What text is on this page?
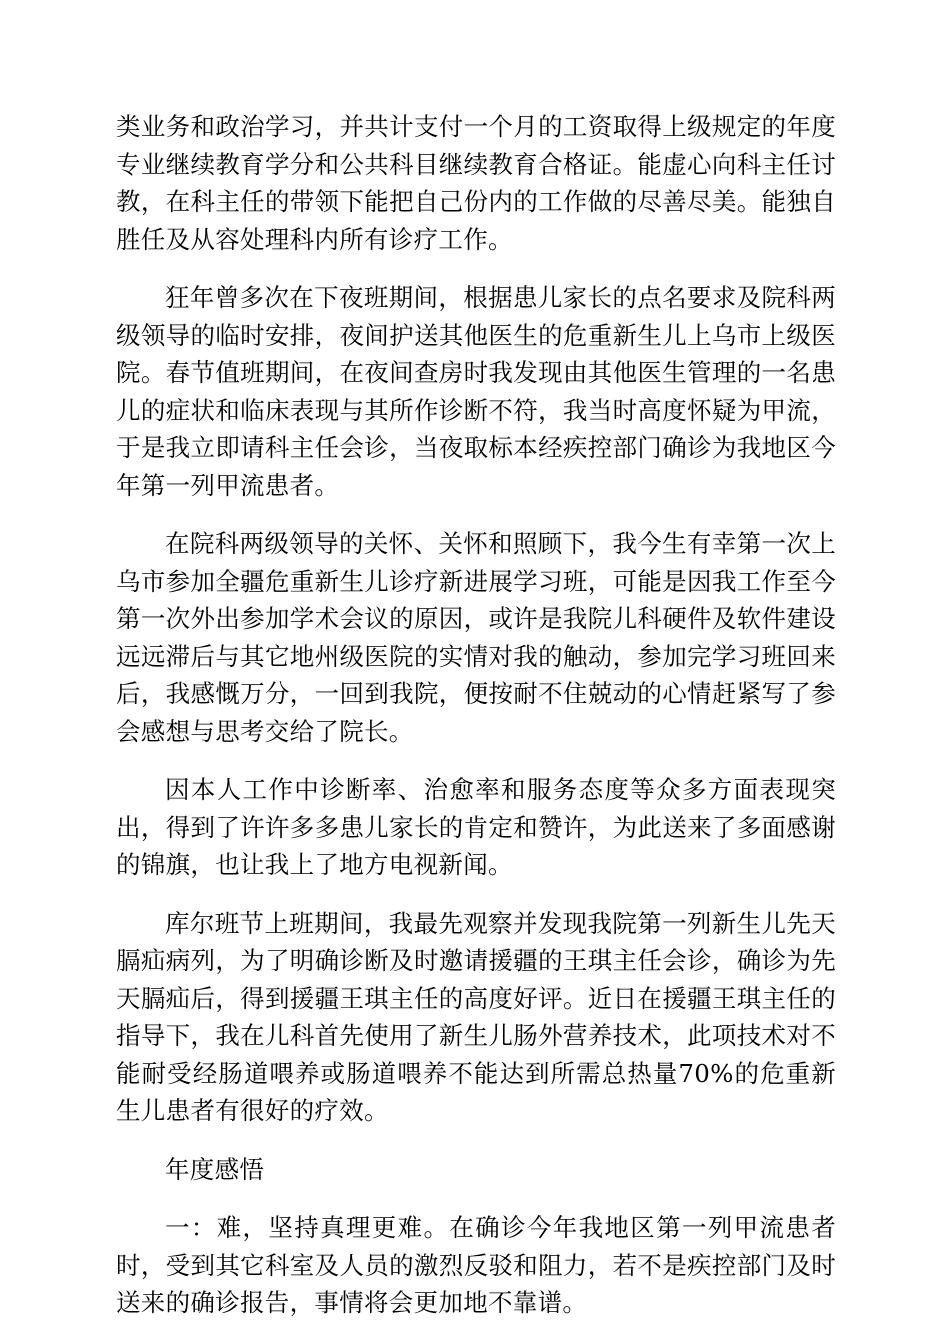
类业务和政治学习，并共计支付一个月的工资取得上级规定的年度专业继续教育学分和公共科目继续教育合格证。能虚心向科主任讨教，在科主任的带领下能把自己份内的工作做的尽善尽美。能独自胜任及从容处理科内所有诊疗工作。

狂年曾多次在下夜班期间，根据患儿家长的点名要求及院科两级领导的临时安排，夜间护送其他医生的危重新生儿上乌市上级医院。春节值班期间，在夜间查房时我发现由其他医生管理的一名患儿的症状和临床表现与其所作诊断不符，我当时高度怀疑为甲流，于是我立即请科主任会诊，当夜取标本经疾控部门确诊为我地区今年第一列甲流患者。

在院科两级领导的关怀、关怀和照顾下，我今生有幸第一次上乌市参加全疆危重新生儿诊疗新进展学习班，可能是因我工作至今第一次外出参加学术会议的原因，或许是我院儿科硬件及软件建设远远滞后与其它地州级医院的实情对我的触动，参加完学习班回来后，我感慨万分，一回到我院，便按耐不住兢动的心情赶紧写了参会感想与思考交给了院长。

因本人工作中诊断率、治愈率和服务态度等众多方面表现突出，得到了许许多多患儿家长的肯定和赞许，为此送来了多面感谢的锦旗，也让我上了地方电视新闻。

库尔班节上班期间，我最先观察并发现我院第一列新生儿先天膈疝病列，为了明确诊断及时邀请援疆的王琪主任会诊，确诊为先天膈疝后，得到援疆王琪主任的高度好评。近日在援疆王琪主任的指导下，我在儿科首先使用了新生儿肠外营养技术，此项技术对不能耐受经肠道喂养或肠道喂养不能达到所需总热量70%的危重新生儿患者有很好的疗效。

年度感悟

一：难，坚持真理更难。在确诊今年我地区第一列甲流患者时，受到其它科室及人员的激烈反驳和阻力，若不是疾控部门及时送来的确诊报告，事情将会更加地不靠谱。
